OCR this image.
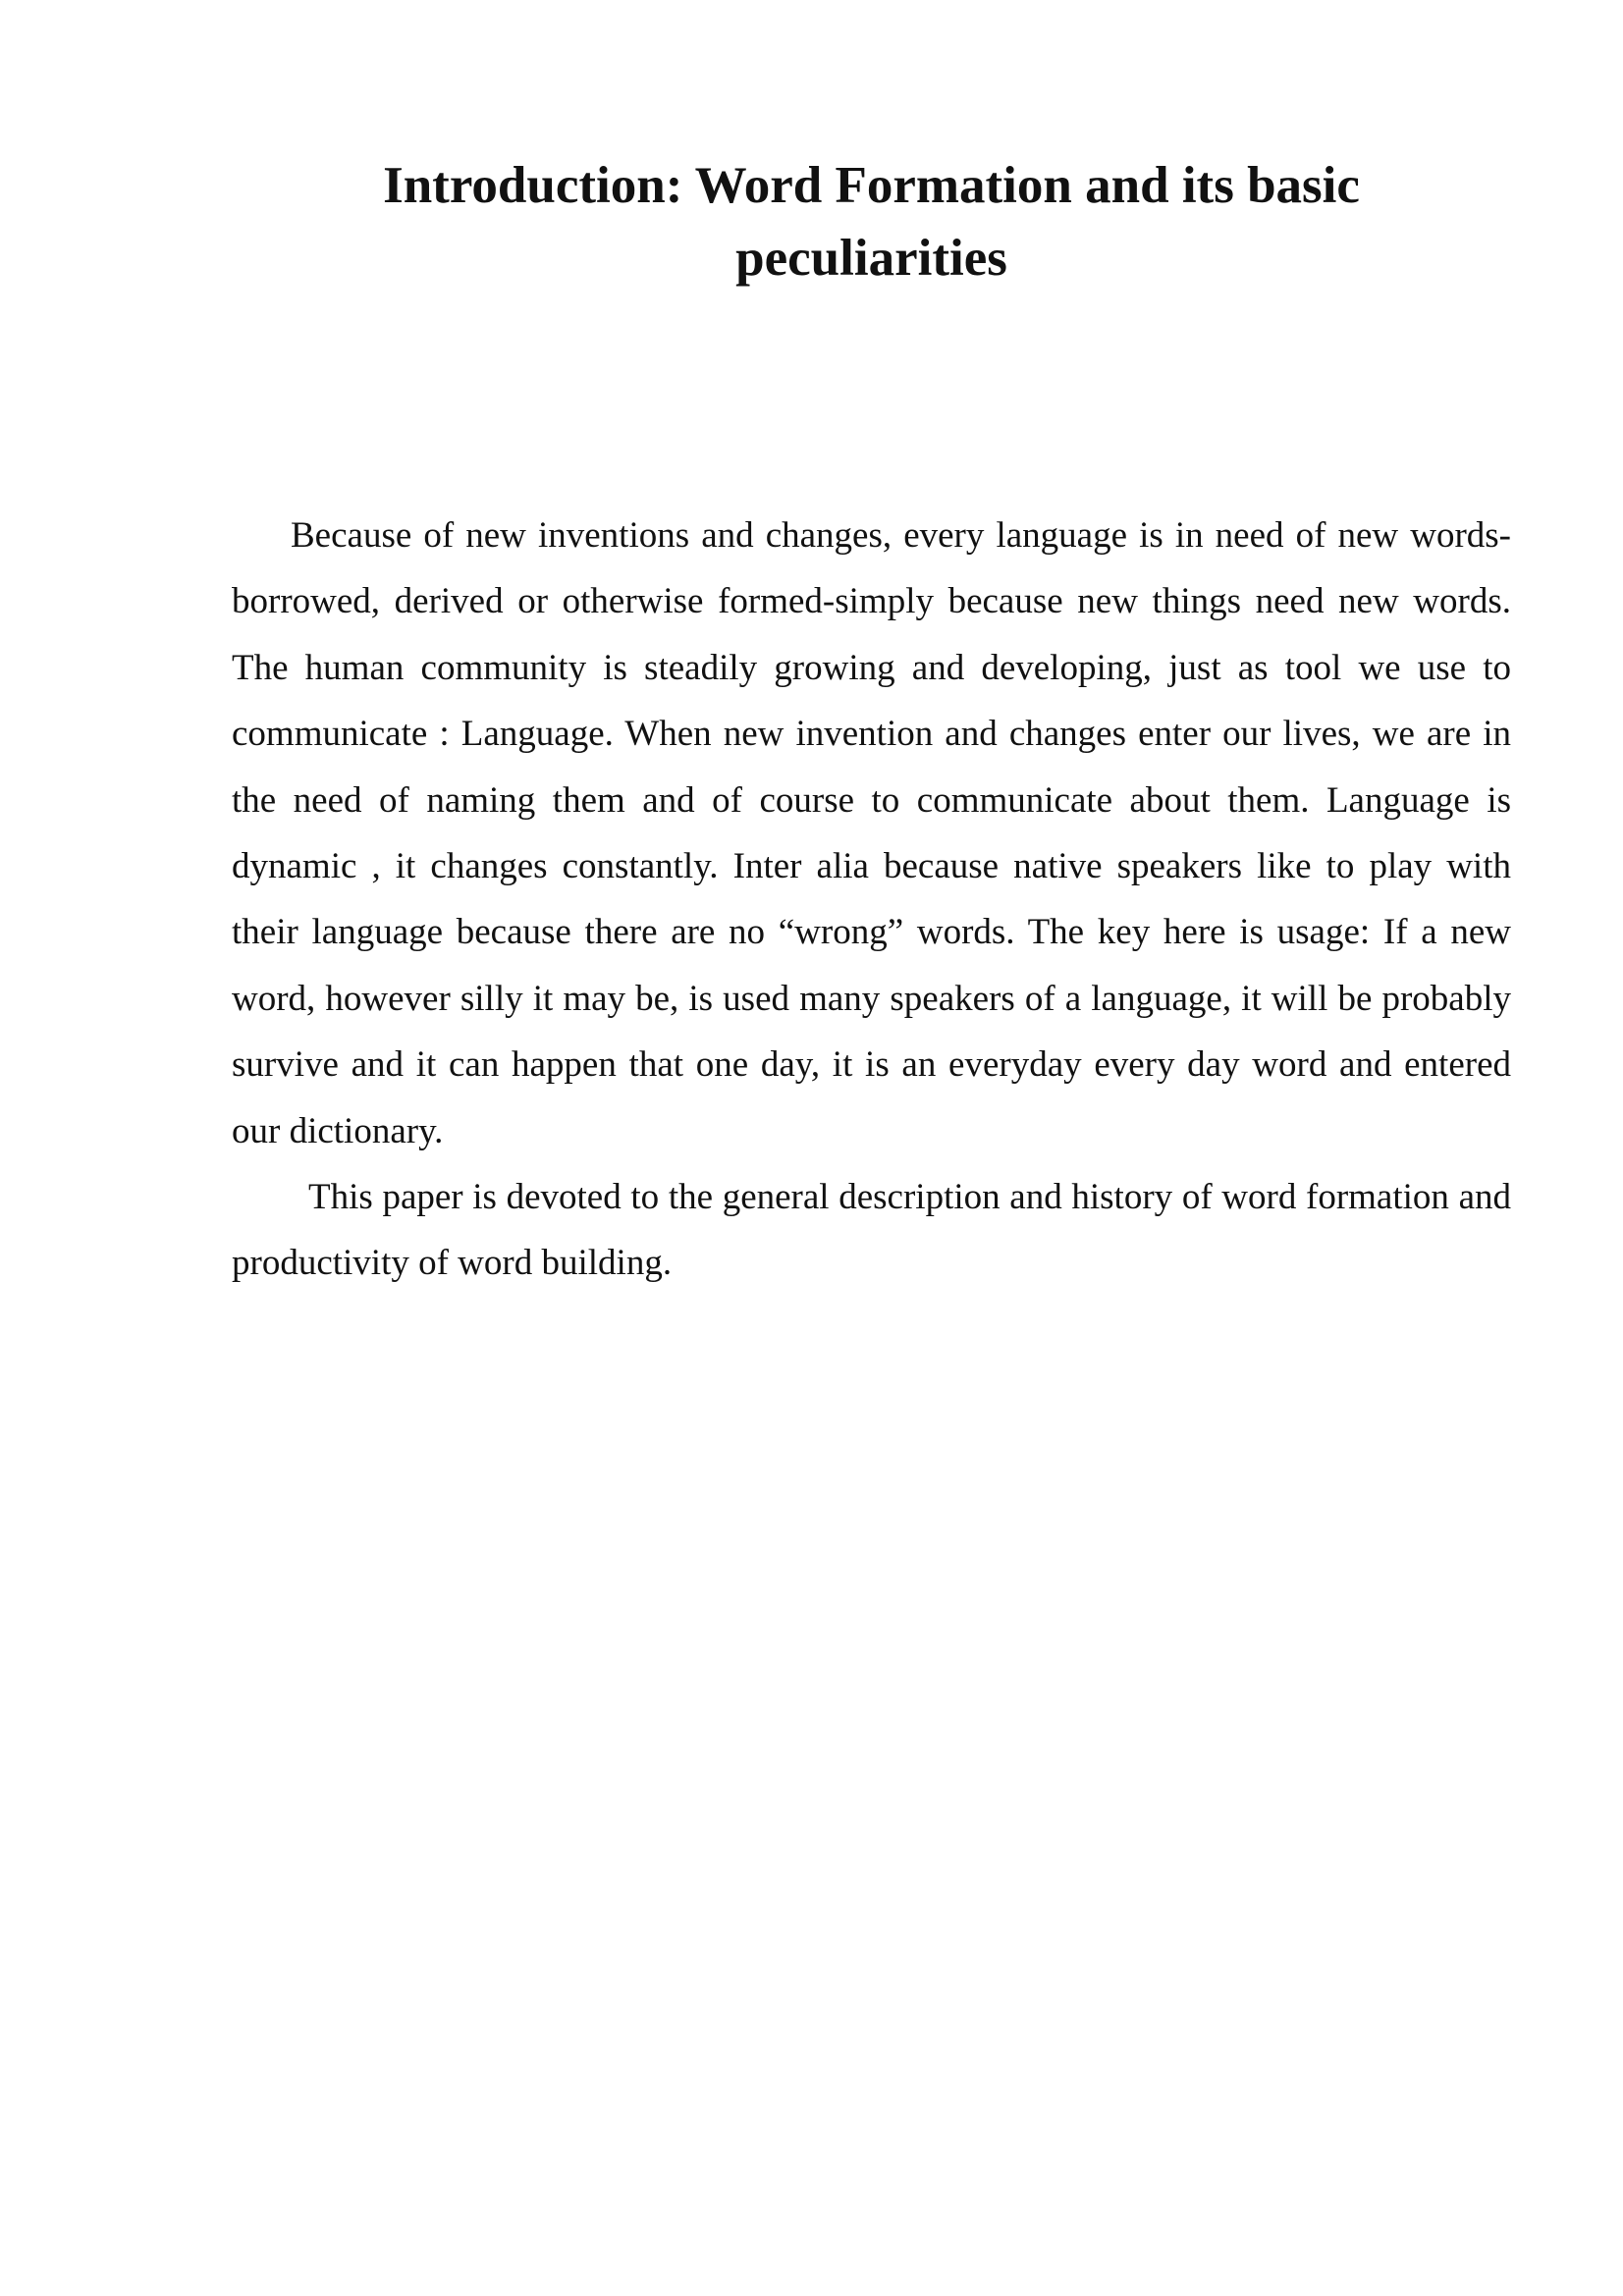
Introduction: Word Formation and its basic
peculiarities

Because of new inventions and changes, every language is in need of new words-borrowed, derived or otherwise formed-simply because new things need new words. The human community is steadily growing and developing, just as tool we use to communicate : Language. When new invention and changes enter our lives, we are in the need of naming them and of course to communicate about them. Language is dynamic , it changes constantly. Inter alia because native speakers like to play with their language because there are no “wrong” words. The key here is usage: If a new word, however silly it may be, is used many speakers of a language, it will be probably survive and it can happen that one day, it is an everyday every day word and entered our dictionary.

This paper is devoted to the general description and history of word formation and productivity of word building.
